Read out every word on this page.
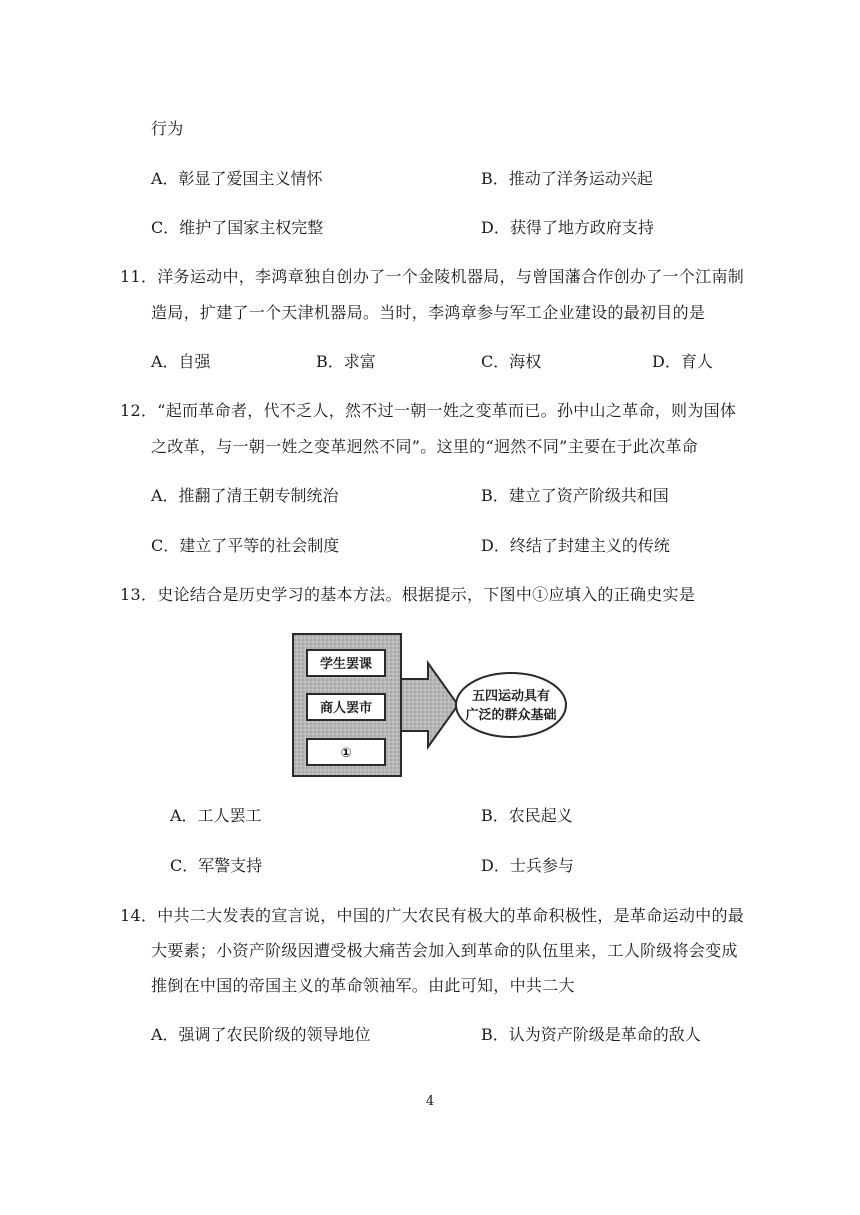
行为
A．彰显了爱国主义情怀	B．推动了洋务运动兴起
C．维护了国家主权完整	D．获得了地方政府支持
11．洋务运动中，李鸿章独自创办了一个金陵机器局，与曾国藩合作创办了一个江南制
造局，扩建了一个天津机器局。当时，李鸿章参与军工企业建设的最初目的是
A．自强	B．求富	C．海权	D．育人
12．“起而革命者，代不乏人，然不过一朝一姓之变革而已。孙中山之革命，则为国体
之改革，与一朝一姓之变革迥然不同”。这里的“迥然不同”主要在于此次革命
A．推翻了清王朝专制统治	B．建立了资产阶级共和国
C．建立了平等的社会制度	D．终结了封建主义的传统
13．史论结合是历史学习的基本方法。根据提示，下图中①应填入的正确史实是
学生罢课
商人罢市
①
五四运动具有
广泛的群众基础
A．工人罢工	B．农民起义
C．军警支持	D．士兵参与
14．中共二大发表的宣言说，中国的广大农民有极大的革命积极性，是革命运动中的最
大要素；小资产阶级因遭受极大痛苦会加入到革命的队伍里来，工人阶级将会变成
推倒在中国的帝国主义的革命领袖军。由此可知，中共二大
A．强调了农民阶级的领导地位	B．认为资产阶级是革命的敌人
4
